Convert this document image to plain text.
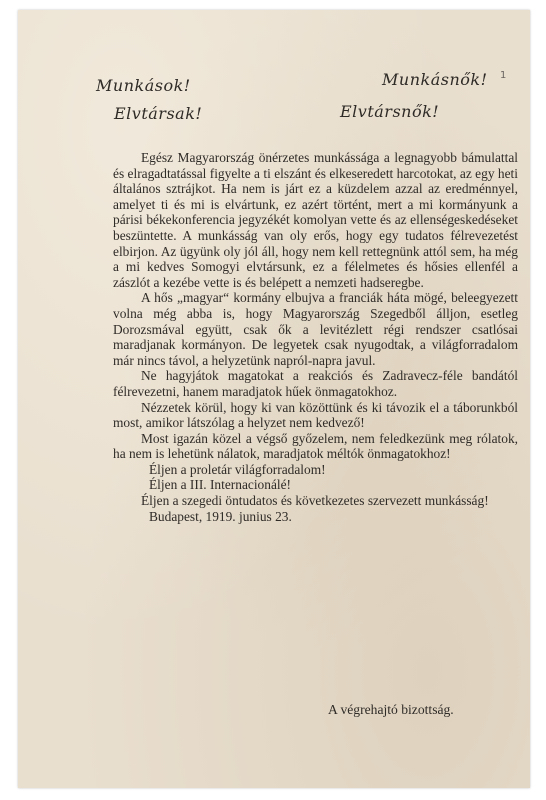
1
Munkások!	Munkásnők!
Elvtársak!	Elvtársnők!

Egész Magyarország önérzetes munkássága a legnagyobb bámulattal és elragadtatással figyelte a ti elszánt és elkeseredett harcotokat, az egy heti általános sztrájkot. Ha nem is járt ez a küzdelem azzal az eredménnyel, amelyet ti és mi is elvártunk, ez azért történt, mert a mi kormányunk a párisi békekonferencia jegyzékét komolyan vette és az ellenségeskedéseket beszüntette. A munkásság van oly erős, hogy egy tudatos félrevezetést elbirjon. Az ügyünk oly jól áll, hogy nem kell rettegnünk attól sem, ha még a mi kedves Somogyi elvtársunk, ez a félelmetes és hősies ellenfél a zászlót a kezébe vette is és belépett a nemzeti hadseregbe.

A hős „magyar“ kormány elbujva a franciák háta mögé, beleegyezett volna még abba is, hogy Magyarország Szegedből álljon, esetleg Dorozsmával együtt, csak ők a levitézlett régi rendszer csatlósai maradjanak kormányon. De legyetek csak nyugodtak, a világforradalom már nincs távol, a helyzetünk napról-napra javul.

Ne hagyjátok magatokat a reakciós és Zadravecz-féle bandától félrevezetni, hanem maradjatok hűek önmagatokhoz.

Nézzetek körül, hogy ki van közöttünk és ki távozik el a táborunkból most, amikor látszólag a helyzet nem kedvező!

Most igazán közel a végső győzelem, nem feledkezünk meg rólatok, ha nem is lehetünk nálatok, maradjatok méltók önmagatokhoz!

Éljen a proletár világforradalom!

Éljen a III. Internacionálé!

Éljen a szegedi öntudatos és következetes szervezett munkásság!

Budapest, 1919. junius 23.

A végrehajtó bizottság.
